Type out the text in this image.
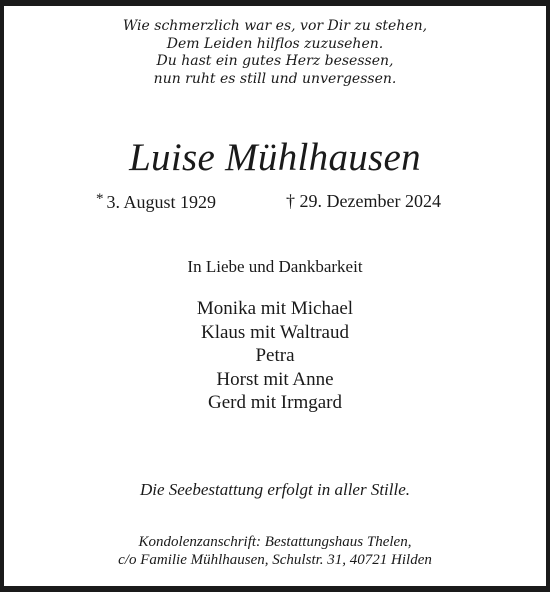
Wie schmerzlich war es, vor Dir zu stehen,
Dem Leiden hilflos zuzusehen.
Du hast ein gutes Herz besessen,
nun ruht es still und unvergessen.
Luise Mühlhausen
* 3. August 1929	† 29. Dezember 2024
In Liebe und Dankbarkeit
Monika mit Michael
Klaus mit Waltraud
Petra
Horst mit Anne
Gerd mit Irmgard
Die Seebestattung erfolgt in aller Stille.
Kondolenzanschrift: Bestattungshaus Thelen,
c/o Familie Mühlhausen, Schulstr. 31, 40721 Hilden
